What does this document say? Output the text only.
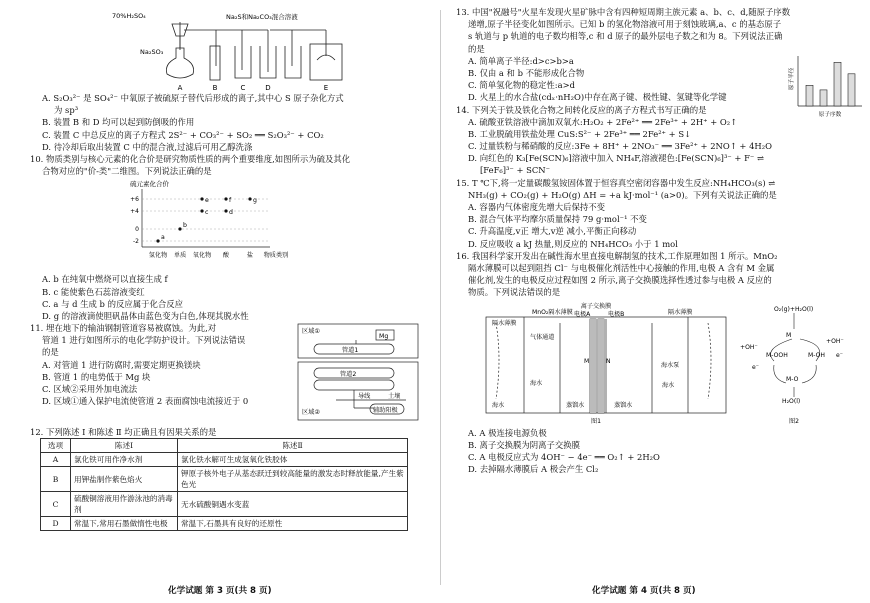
70%H₂SO₄	Na₂S和Na₂CO₃混合溶液
Na₂SO₃
A	B	C	D	E
A. S₂O₃²⁻ 是 SO₄²⁻ 中氧原子被硫原子替代后形成的离子,其中心 S 原子杂化方式
为 sp³
B. 装置 B 和 D 均可以起到防倒吸的作用
C. 装置 C 中总反应的离子方程式 2S²⁻ + CO₃²⁻ + SO₂ ══ S₂O₃²⁻ + CO₂
D. 待冷却后取出装置 C 中的混合液,过滤后可用乙醇洗涤
10. 物质类别与核心元素的化合价是研究物质性质的两个重要维度,如图所示为硫及其化
合物对应的"价-类"二维图。下列说法正确的是
硫元素化合价
+6
+4
0
-2
a
b
c	d
e	f	g
氢化物 单质 氧化物 酸	盐 物质类别
A. b 在纯氧中燃烧可以直接生成 f
B. c 能使紫色石蕊溶液变红
C. a 与 d 生成 b 的反应属于化合反应
D. g 的溶液滴使胆矾晶体由蓝色变为白色,体现其脱水性
11. 埋在地下的输油钢制管道容易被腐蚀。为此,对
管道 1 进行如图所示的电化学防护设计。下列说法错误
的是
A. 对管道 1 进行防腐时,需要定期更换镁块
B. 管道 1 的电势低于 Mg 块
C. 区域②采用外加电流法
D. 区域①通入保护电流使管道 2 表面腐蚀电流接近于 0
区域①
Mg
管道1
管道2
导线	土壤
区域②	辅助阳极
12. 下列陈述 Ⅰ 和陈述 Ⅱ 均正确且有因果关系的是
选项	陈述Ⅰ	陈述Ⅱ
A	氯化铁可用作净水剂	氯化铁水解可生成氢氧化铁胶体
B	用钾盐制作紫色焰火	钾原子核外电子从基态跃迁到较高能量的激发态时释放能量,产生紫色光
C	硫酸铜溶液用作游泳池的消毒剂	无水硫酸铜遇水变蓝
D	常温下,常用石墨做惰性电极	常温下,石墨具有良好的还原性
13. 中国"祝融号"火星车发现火星矿脉中含有四种短周期主族元素 a、b、c、d,随原子序数
递增,原子半径变化如图所示。已知 b 的氢化物溶液可用于刻蚀玻璃,a、c 的基态原子
s 轨道与 p 轨道的电子数均相等,c 和 d 原子的最外层电子数之和为 8。下列说法正确
的是
A. 简单离子半径:d>c>b>a
B. 仅由 a 和 b 不能形成化合物
C. 简单氢化物的稳定性:a>d
D. 火星上的水合盐(cdₓ·nH₂O)中存在离子键、极性键、氢键等化学键
原子半径
原子序数
14. 下列关于铁及铁化合物之间转化反应的离子方程式书写正确的是
A. 硫酸亚铁溶液中滴加双氧水:H₂O₂ + 2Fe²⁺ ══ 2Fe³⁺ + 2H⁺ + O₂↑
B. 工业脱硫用铁盐处理 CuS:S²⁻ + 2Fe³⁺ ══ 2Fe²⁺ + S↓
C. 过量铁粉与稀硝酸的反应:3Fe + 8H⁺ + 2NO₃⁻ ══ 3Fe²⁺ + 2NO↑ + 4H₂O
D. 向红色的 K₃[Fe(SCN)₆]溶液中加入 NH₄F,溶液褪色:[Fe(SCN)₆]³⁻ + F⁻ ⇌
[FeF₆]³⁻ + SCN⁻
15. T ℃下,将一定量碳酸氢铵固体置于恒容真空密闭容器中发生反应:NH₄HCO₃(s) ⇌
NH₃(g) + CO₂(g) + H₂O(g) ΔH = +a kJ·mol⁻¹ (a>0)。下列有关说法正确的是
A. 容器内气体密度先增大后保持不变
B. 混合气体平均摩尔质量保持 79 g·mol⁻¹ 不变
C. 升高温度,v正 增大,v逆 减小,平衡正向移动
D. 反应吸收 a kJ 热量,则反应的 NH₄HCO₃ 小于 1 mol
16. 我国科学家开发出在碱性海水里直接电解制氢的技术,工作原理如图 1 所示。MnO₂
隔水薄膜可以起到阻挡 Cl⁻ 与电极催化剂活性中心接触的作用,电极 A 含有 M 金属
催化剂,发生的电极反应过程如图 2 所示,离子交换膜选择性透过参与电极 A 反应的
物质。下列说法错误的是
离子交换膜
MnO₂隔水薄膜 电极A	电极B
隔水薄膜
隔水薄膜
气体通道
海水
海水
海水泵
海水
蒸馏水	蒸馏水
M	N
图1
O₂(g)+H₂O(l)
M
M-OOH	M-OH
M-O
H₂O(l)
+OH⁻
+OH⁻
e⁻
e⁻
图2
A. A 极连接电源负极
B. 离子交换膜为阴离子交换膜
C. A 电极反应式为 4OH⁻ − 4e⁻ ══ O₂↑ + 2H₂O
D. 去掉隔水薄膜后 A 极会产生 Cl₂
化学试题 第 3 页(共 8 页)	化学试题 第 4 页(共 8 页)
